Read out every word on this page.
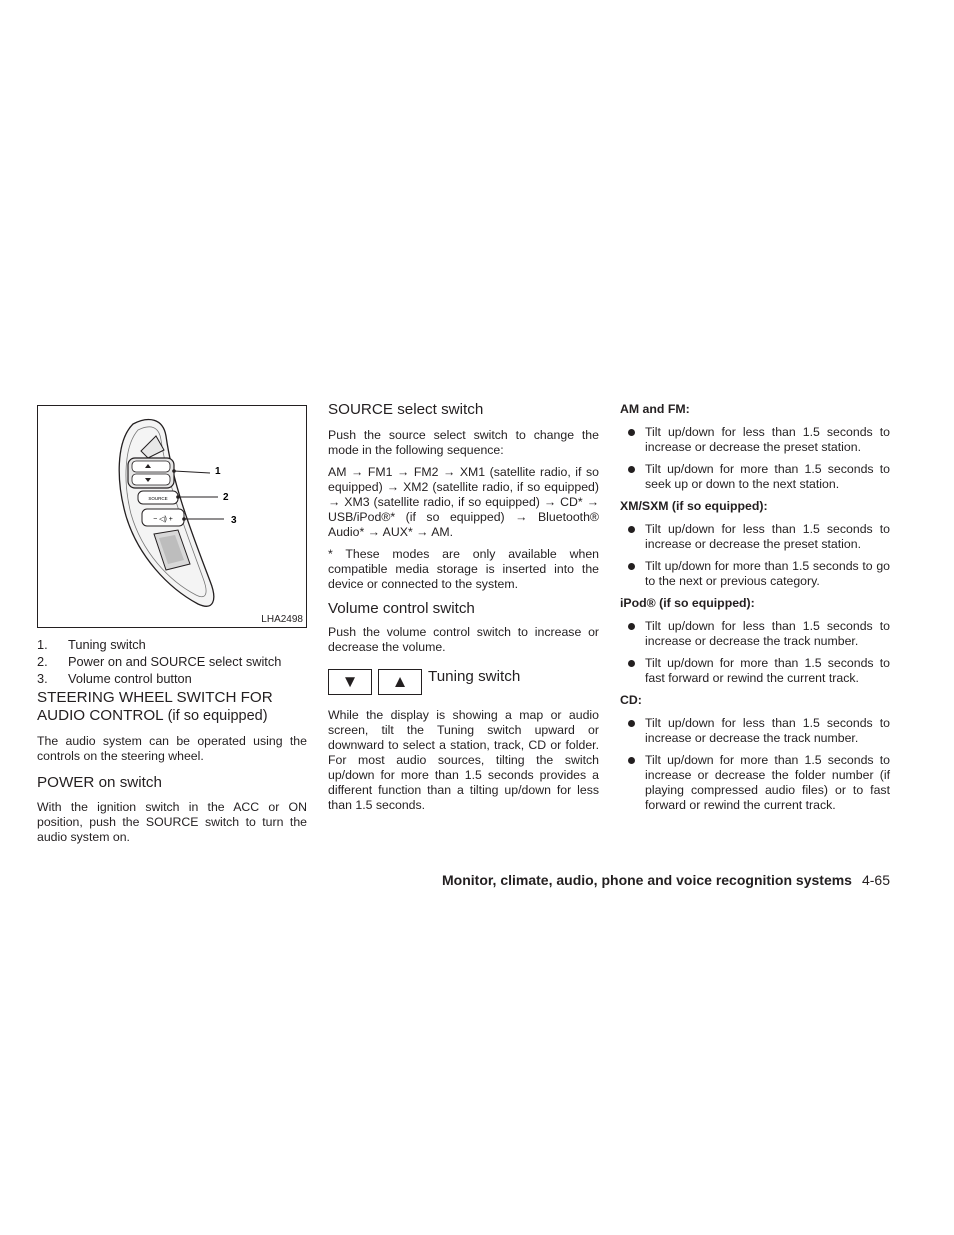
SOURCE
− ◁) +
1
2
3
LHA2498
1.	Tuning switch
2.	Power on and SOURCE select switch
3.	Volume control button
STEERING WHEEL SWITCH FOR AUDIO CONTROL (if so equipped)

The audio system can be operated using the controls on the steering wheel.

POWER on switch

With the ignition switch in the ACC or ON position, push the SOURCE switch to turn the audio system on.

SOURCE select switch

Push the source select switch to change the mode in the following sequence:

AM → FM1 → FM2 → XM1 (satellite radio, if so equipped) → XM2 (satellite radio, if so equipped) → XM3 (satellite radio, if so equipped) → CD* → USB/iPod®* (if so equipped) → Bluetooth® Audio* → AUX* → AM.

* These modes are only available when compatible media storage is inserted into the device or connected to the system.

Volume control switch

Push the volume control switch to increase or decrease the volume.

▼	▲	Tuning switch

While the display is showing a map or audio screen, tilt the Tuning switch upward or downward to select a station, track, CD or folder. For most audio sources, tilting the switch up/down for more than 1.5 seconds provides a different function than a tilting up/down for less than 1.5 seconds.

AM and FM:
Tilt up/down for less than 1.5 seconds to increase or decrease the preset station.
Tilt up/down for more than 1.5 seconds to seek up or down to the next station.
XM/SXM (if so equipped):
Tilt up/down for less than 1.5 seconds to increase or decrease the preset station.
Tilt up/down for more than 1.5 seconds to go to the next or previous category.
iPod® (if so equipped):
Tilt up/down for less than 1.5 seconds to increase or decrease the track number.
Tilt up/down for more than 1.5 seconds to fast forward or rewind the current track.
CD:
Tilt up/down for less than 1.5 seconds to increase or decrease the track number.
Tilt up/down for more than 1.5 seconds to increase or decrease the folder number (if playing compressed audio files) or to fast forward or rewind the current track.
Monitor, climate, audio, phone and voice recognition systems 4-65
